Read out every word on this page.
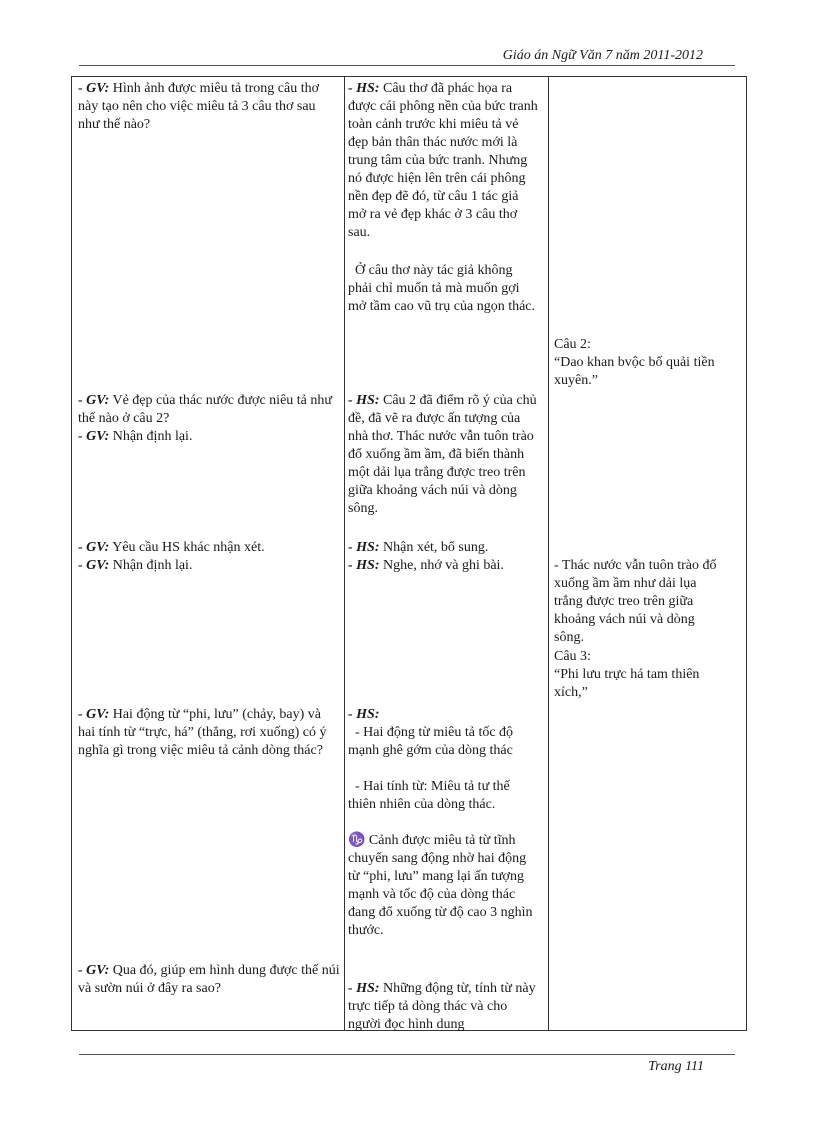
Giáo án Ngữ Văn 7 năm 2011-2012
- GV: Hình ảnh được miêu tả trong câu thơ này tạo nên cho việc miêu tả 3 câu thơ sau như thế nào?
- GV: Vẻ đẹp của thác nước được niêu tả như thế nào ở câu 2?
- GV: Nhận định lại.
- GV: Yêu cầu HS khác nhận xét.
- GV: Nhận định lại.
- GV: Hai động từ “phi, lưu” (chảy, bay) và hai tính từ “trực, há” (thẳng, rơi xuống) có ý nghĩa gì trong việc miêu tả cảnh dòng thác?
- GV: Qua đó, giúp em hình dung được thế núi và sườn núi ở đây ra sao?
- HS: Câu thơ đã phác họa ra được cái phông nền của bức tranh toàn cảnh trước khi miêu tả vẻ đẹp bản thân thác nước mới là trung tâm của bức tranh. Nhưng nó được hiện lên trên cái phông nền đẹp đẽ đó, từ câu 1 tác giả mở ra vẻ đẹp khác ở 3 câu thơ sau.
Ở câu thơ này tác giả không phải chỉ muốn tả mà muốn gợi mở tầm cao vũ trụ của ngọn thác.
- HS: Câu 2 đã điểm rõ ý của chủ đề, đã vẽ ra được ấn tượng của nhà thơ. Thác nước vẫn tuôn trào đổ xuống ầm ầm, đã biến thành một dải lụa trắng được treo trên giữa khoảng vách núi và dòng sông.
- HS: Nhận xét, bổ sung.
- HS: Nghe, nhớ và ghi bài.
- HS:
- Hai động từ miêu tả tốc độ mạnh ghê gớm của dòng thác
- Hai tính từ: Miêu tả tư thế thiên nhiên của dòng thác.
♑ Cảnh được miêu tả từ tĩnh chuyển sang động nhờ hai động từ “phi, lưu” mang lại ấn tượng mạnh và tốc độ của dòng thác đang đổ xuống từ độ cao 3 nghìn thước.
- HS: Những động từ, tính từ này trực tiếp tả dòng thác và cho người đọc hình dung
Câu 2:
“Dao khan bvộc bố quải tiền xuyên.”
- Thác nước vẫn tuôn trào đổ xuống ầm ầm như dải lụa trắng được treo trên giữa khoảng vách núi và dòng sông.
Câu 3:
“Phi lưu trực há tam thiên xích,”
Trang 111
